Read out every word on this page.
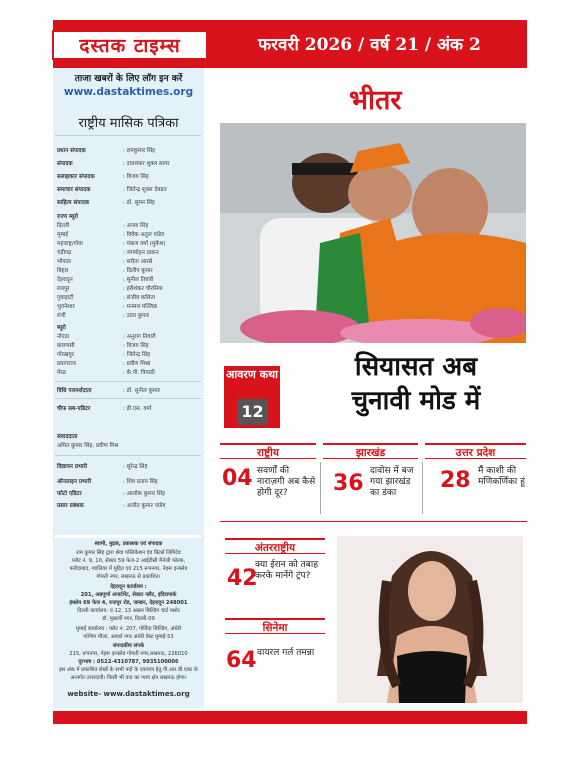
दस्तक टाइम्स	फरवरी 2026 / वर्ष 21 / अंक 2
ताजा खबरों के लिए लॉग इन करें
www.dastaktimes.org
राष्ट्रीय मासिक पत्रिका
प्रधान संपादक	: रामकुमार सिंह
संपादक	: दयाशंकर शुक्ल सागर
सलाहकार संपादक	: विजय सिंह
समाचार संपादक	: जितेन्द्र शुक्ल देवव्रत
साहित्य संपादक	: डॉ. सुमन सिंह
राज्य ब्यूरो
दिल्ली	: अजय सिंह
मुम्बई	: विवेक अतुल पांडेय
महाराष्ट्र/गोवा	: पंकज वर्मा (मुकेश)
चंडीगढ़	: जगमोहन ठाकन
भोपाल	: सरीता आरसे
बिहार	: दिलीप कुमार
देहरादून	: सुनील तिवारी
रायपुर	: हरीशंकर चौरसिया
गुवाहाटी	: संजीव कलिता
भुवनेश्वर	: मनमथ मल्लिक
रांची	: उदय कुमार
ब्यूरो
नोएडा	: अनुराग तिवारी
वाराणसी	: विजय सिंह
गोरखपुर	: जितेन्द्र सिंह
प्रयागराज	: प्रवीण मिश्रा
मेरठ	: के.पी. त्रिपाठी
विधि परामर्शदाता	: डॉ. सुनील कुमार
चीफ सब-एडिटर	: डी.एस. वर्मा
संवाददाता
अमित कुमार सिंह, प्रवीण मिश्र
विज्ञापन प्रभारी	: सुरेन्द्र सिंह
ऑनलाइन प्रभारी	: शिव प्रताप सिंह
फोटो एडिटर	: आलोक कुमार सिंह
प्रसार प्रबंधक	: अजीत कुमार पांडेय
स्वामी, मुद्रक, प्रकाशक एवं संपादक
राम कुमार सिंह द्वारा श्रेया पब्लिकेशन एंड प्रिंटर्स लिमिटेड
प्लॉट नं. 9, 10, सेक्टर 59 फेज-2 आईटीसी मैनेजी फोल्क,
फरीदाबाद, ग्वालियर में मुद्रित एवं 215 रूपनगर, नेहरू इन्क्लेव
गोमती नगर, लखनऊ से प्रकाशित।
देहरादून कार्यालय :
201, अन्नपूर्णा अपार्टमेंट, सेक्टर फ्लैट, इंदिरापार्क
इंक्लेव 69 फेज 4, राजपुर रोड, जाखन, देहरादून 248001
दिल्ली कार्यालय: ए-12, 13 अंसल बिल्डिंग चार्ट फ्लोर
डॉ. मुखर्जी नगर, दिल्ली-09
मुम्बई कार्यालय : फ्लैट नं. 207, गोविंदा बिल्डिंग, अंधेरी
पश्चिम मौजा, आदर्श नगर अंधेरी वेस्ट मुम्बई-53
संपादकीय संपर्क
215, रूपनगर, नेहरू इन्क्लेव गोमती नगर,लखनऊ, 226010
दूरभाष : 0522-4310787, 9935100006
इस अंक में प्रकाशित लेखों के सभी पदों के एकमात्र हेतु पी.आर.बी.एक्ट के
अन्तर्गत उत्तरदायी। किसी भी वाद का न्याय क्षेत्र लखनऊ होगा।
website- www.dastaktimes.org
भीतर
आवरण कथा
12
सियासत अब
चुनावी मोड में
राष्ट्रीय	झारखंड	उत्तर प्रदेश
04 सवर्णों की नाराज़गी अब कैसे होगी दूर?	36 दावोस में बज गया झारखंड का डंका	28 मैं काशी की मणिकर्णिका हूं
अंतरराष्ट्रीय
42
क्या ईरान को तबाह करके मानेंगे ट्रंप?
सिनेमा
64 वायरल गर्ल तमन्ना
